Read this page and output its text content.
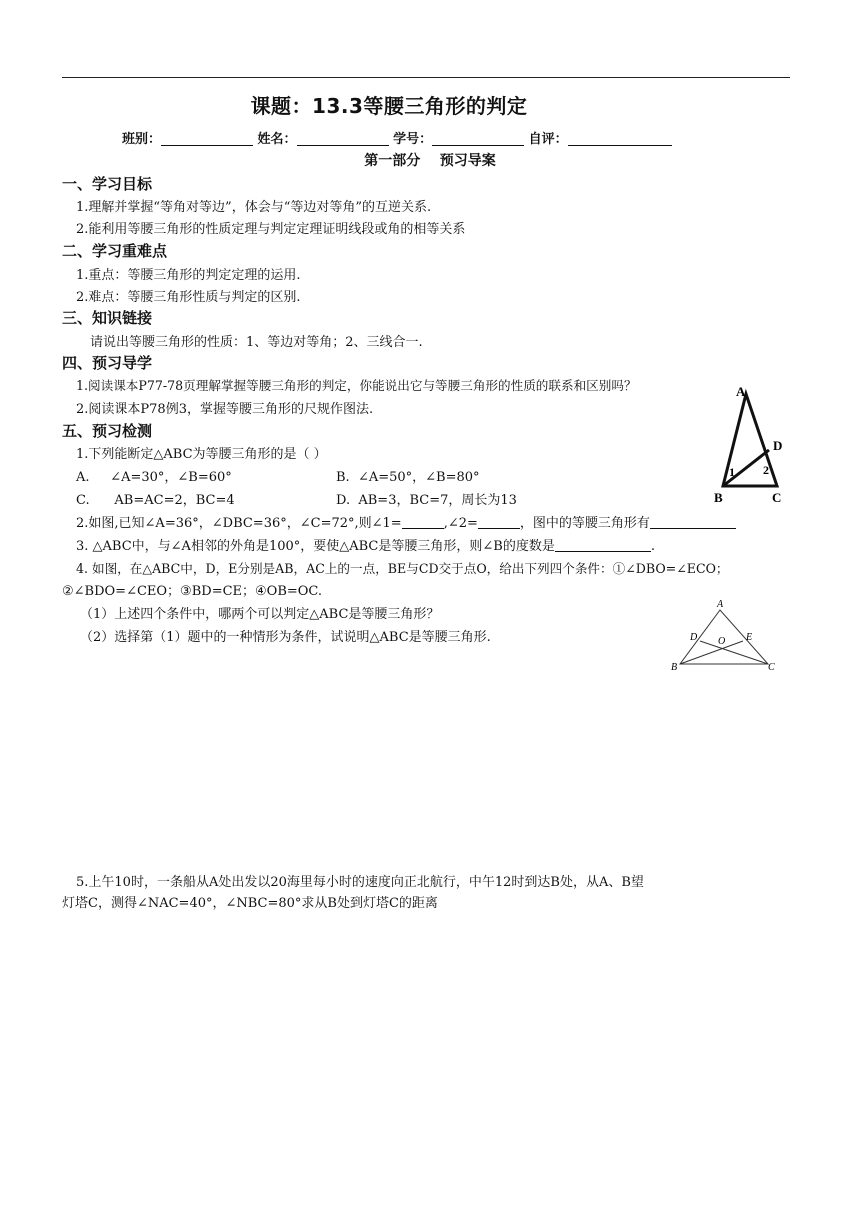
课题：13.3等腰三角形的判定
班别：	姓名：	学号：	自评：
第一部分    预习导案
一、学习目标
1.理解并掌握“等角对等边”，体会与“等边对等角”的互逆关系.
2.能利用等腰三角形的性质定理与判定定理证明线段或角的相等关系
二、学习重难点
1.重点：等腰三角形的判定定理的运用.
2.难点：等腰三角形性质与判定的区别.
三、知识链接
请说出等腰三角形的性质：1、等边对等角；2、三线合一.
四、预习导学
1.阅读课本P77-78页理解掌握等腰三角形的判定，你能说出它与等腰三角形的性质的联系和区别吗？
2.阅读课本P78例3，掌握等腰三角形的尺规作图法.
五、预习检测
1.下列能断定△ABC为等腰三角形的是（ ）
A.     ∠A=30°，∠B=60°	B.  ∠A=50°，∠B=80°
C.      AB=AC=2，BC=4	D.  AB=3，BC=7，周长为13
2.如图,已知∠A=36°，∠DBC=36°，∠C=72°,则∠1=	,∠2=	，图中的等腰三角形有
3. △ABC中，与∠A相邻的外角是100°，要使△ABC是等腰三角形，则∠B的度数是	.
4. 如图，在△ABC中，D，E分别是AB，AC上的一点，BE与CD交于点O，给出下列四个条件：①∠DBO=∠ECO；
②∠BDO=∠CEO；③BD=CE；④OB=OC.
（1）上述四个条件中，哪两个可以判定△ABC是等腰三角形？
（2）选择第（1）题中的一种情形为条件，试说明△ABC是等腰三角形.
5.上午10时，一条船从A处出发以20海里每小时的速度向正北航行，中午12时到达B处，从A、B望
灯塔C，测得∠NAC=40°，∠NBC=80°求从B处到灯塔C的距离
A
D
B	C
1 2
A
D	E
O
B	C
